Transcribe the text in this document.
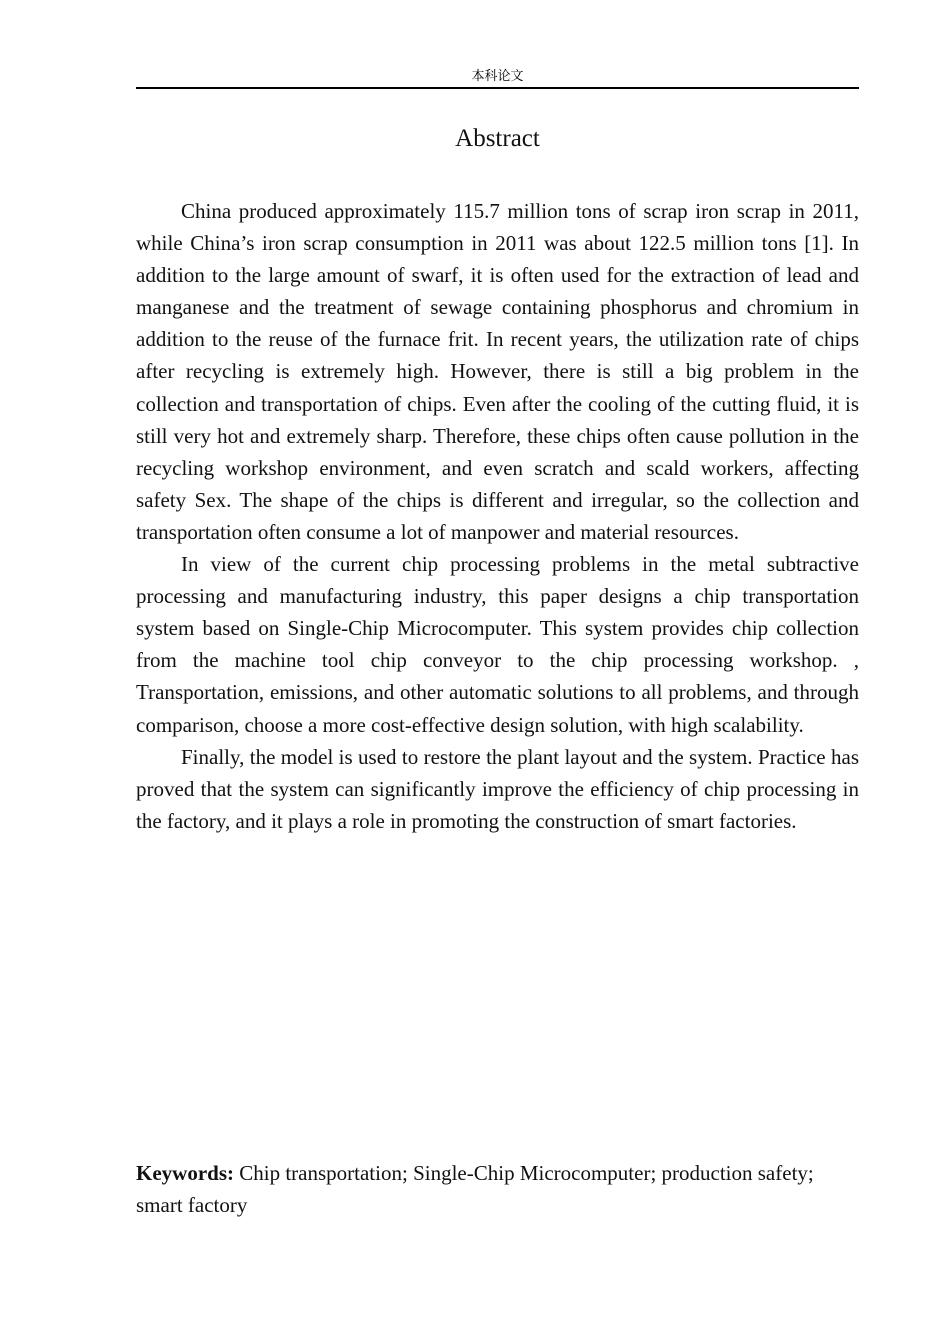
本科论文
Abstract

China produced approximately 115.7 million tons of scrap iron scrap in 2011, while China’s iron scrap consumption in 2011 was about 122.5 million tons [1]. In addition to the large amount of swarf, it is often used for the extraction of lead and manganese and the treatment of sewage containing phosphorus and chromium in addition to the reuse of the furnace frit. In recent years, the utilization rate of chips after recycling is extremely high. However, there is still a big problem in the collection and transportation of chips. Even after the cooling of the cutting fluid, it is still very hot and extremely sharp. Therefore, these chips often cause pollution in the recycling workshop environment, and even scratch and scald workers, affecting safety Sex. The shape of the chips is different and irregular, so the collection and transportation often consume a lot of manpower and material resources.

In view of the current chip processing problems in the metal subtractive processing and manufacturing industry, this paper designs a chip transportation system based on Single-Chip Microcomputer. This system provides chip collection from the machine tool chip conveyor to the chip processing workshop. , Transportation, emissions, and other automatic solutions to all problems, and through comparison, choose a more cost-effective design solution, with high scalability.

Finally, the model is used to restore the plant layout and the system. Practice has proved that the system can significantly improve the efficiency of chip processing in the factory, and it plays a role in promoting the construction of smart factories.

Keywords: Chip transportation; Single-Chip Microcomputer; production safety; smart factory
